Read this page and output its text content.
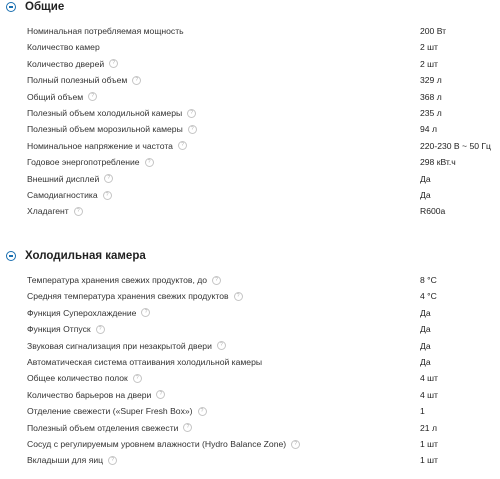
Общие
Номинальная потребляемая мощность	200 Вт
Количество камер	2 шт
Количество дверей	?	2 шт
Полный полезный объем	?	329 л
Общий объем	?	368 л
Полезный объем холодильной камеры	?	235 л
Полезный объем морозильной камеры	?	94 л
Номинальное напряжение и частота	?	220-230 В ~ 50 Гц
Годовое энергопотребление	?	298 кВт.ч
Внешний дисплей	?	Да
Самодиагностика	?	Да
Хладагент	?	R600a
Холодильная камера
Температура хранения свежих продуктов, до	?	8 °C
Средняя температура хранения свежих продуктов	?	4 °C
Функция Суперохлаждение	?	Да
Функция Отпуск	?	Да
Звуковая сигнализация при незакрытой двери	?	Да
Автоматическая система оттаивания холодильной камеры	Да
Общее количество полок	?	4 шт
Количество барьеров на двери	?	4 шт
Отделение свежести («Super Fresh Box»)	?	1
Полезный объем отделения свежести	?	21 л
Сосуд с регулируемым уровнем влажности (Hydro Balance Zone)	?	1 шт
Вкладыши для яиц	?	1 шт
